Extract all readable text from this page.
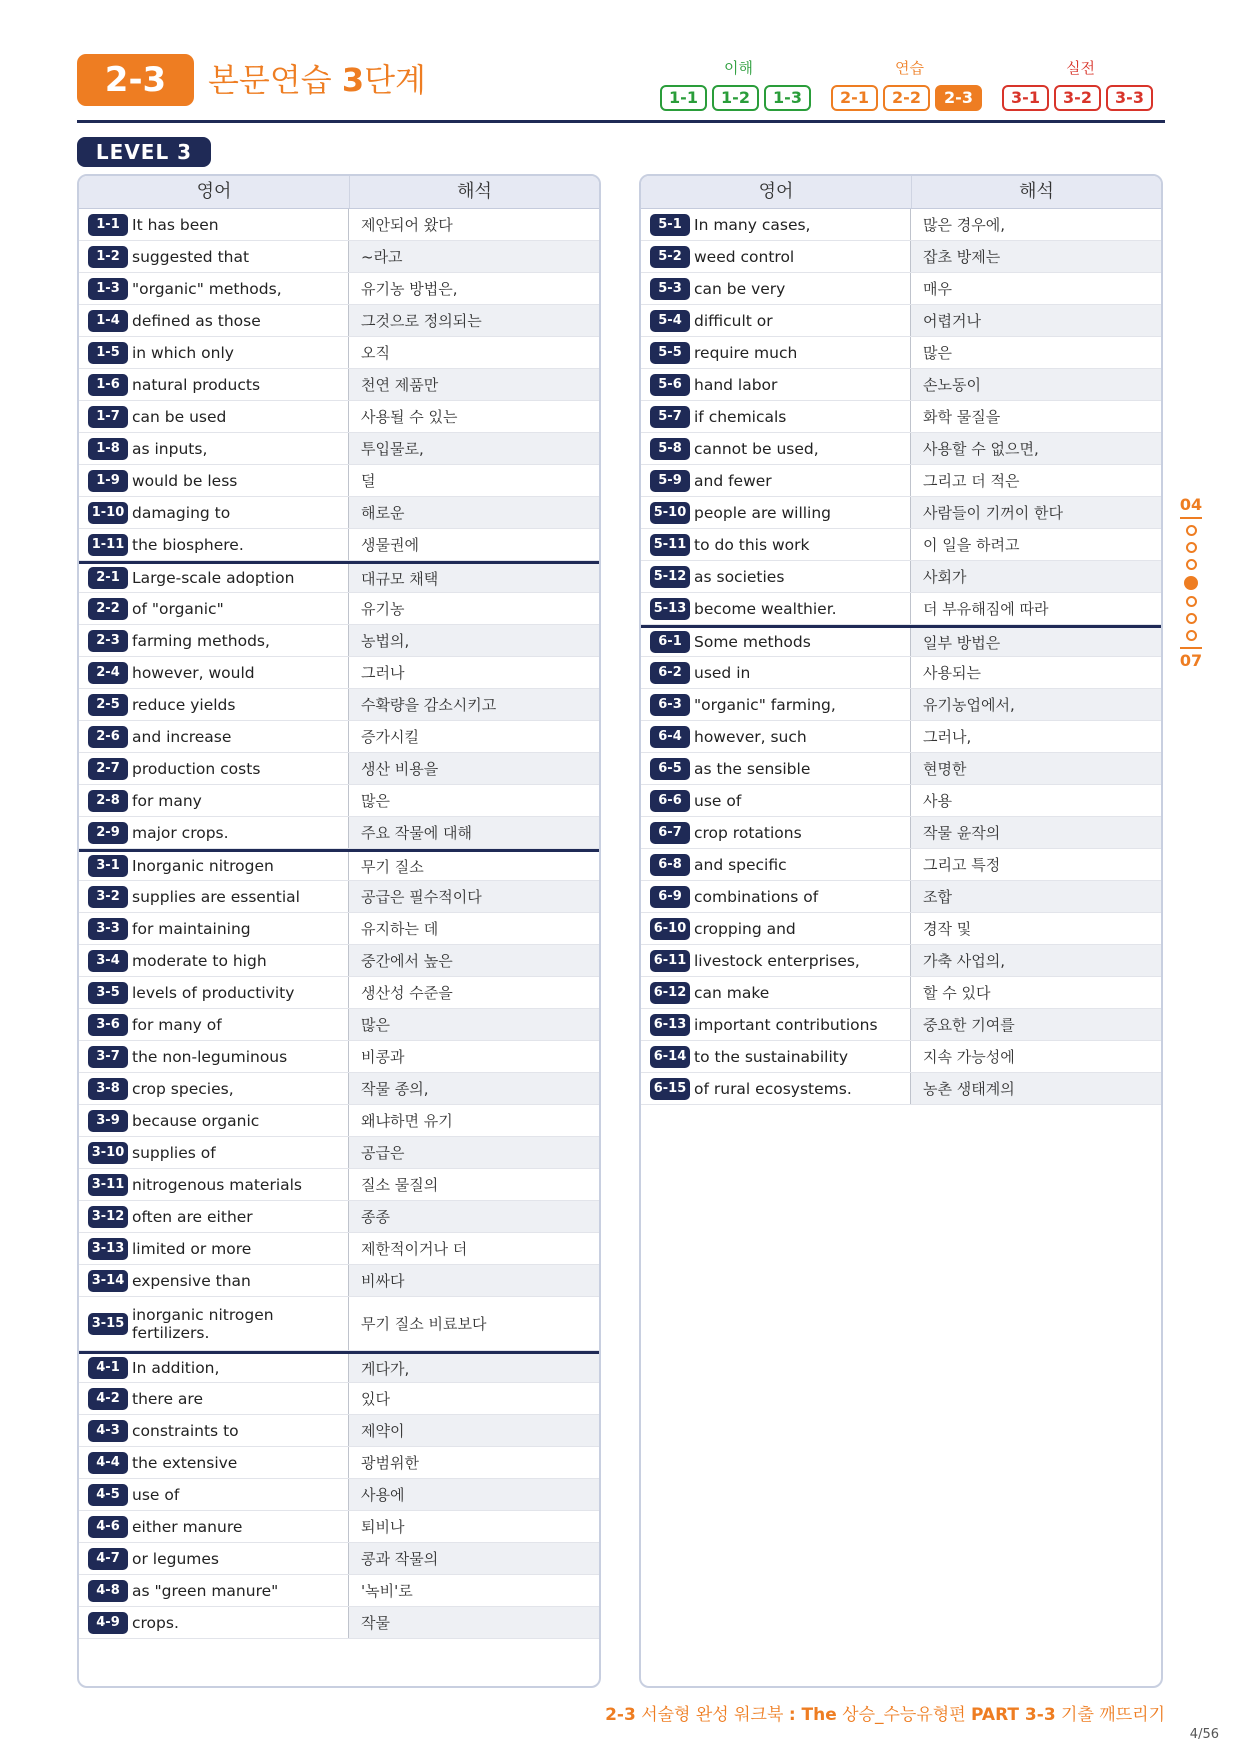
2-3	본문연습 3단계	이해	연습	실전
1-1	1-2	1-3	2-1	2-2	2-3	3-1	3-2	3-3
LEVEL 3
영어	해석
1-1 It has been	제안되어 왔다
1-2 suggested that	~라고
1-3 "organic" methods,	유기농 방법은,
1-4 defined as those	그것으로 정의되는
1-5 in which only	오직
1-6 natural products	천연 제품만
1-7 can be used	사용될 수 있는
1-8 as inputs,	투입물로,
1-9 would be less	덜
1-10 damaging to	해로운
1-11 the biosphere.	생물권에
2-1 Large-scale adoption	대규모 채택
2-2 of "organic"	유기농
2-3 farming methods,	농법의,
2-4 however, would	그러나
2-5 reduce yields	수확량을 감소시키고
2-6 and increase	증가시킬
2-7 production costs	생산 비용을
2-8 for many	많은
2-9 major crops.	주요 작물에 대해
3-1 Inorganic nitrogen	무기 질소
3-2 supplies are essential	공급은 필수적이다
3-3 for maintaining	유지하는 데
3-4 moderate to high	중간에서 높은
3-5 levels of productivity	생산성 수준을
3-6 for many of	많은
3-7 the non-leguminous	비콩과
3-8 crop species,	작물 종의,
3-9 because organic	왜냐하면 유기
3-10 supplies of	공급은
3-11 nitrogenous materials	질소 물질의
3-12 often are either	종종
3-13 limited or more	제한적이거나 더
3-14 expensive than	비싸다
3-15 inorganic nitrogen fertilizers.	무기 질소 비료보다
4-1 In addition,	게다가,
4-2 there are	있다
4-3 constraints to	제약이
4-4 the extensive	광범위한
4-5 use of	사용에
4-6 either manure	퇴비나
4-7 or legumes	콩과 작물의
4-8 as "green manure"	'녹비'로
4-9 crops.	작물
영어	해석
5-1 In many cases,	많은 경우에,
5-2 weed control	잡초 방제는
5-3 can be very	매우
5-4 difficult or	어렵거나
5-5 require much	많은
5-6 hand labor	손노동이
5-7 if chemicals	화학 물질을
5-8 cannot be used,	사용할 수 없으면,
5-9 and fewer	그리고 더 적은
5-10 people are willing	사람들이 기꺼이 한다
5-11 to do this work	이 일을 하려고
5-12 as societies	사회가
5-13 become wealthier.	더 부유해짐에 따라
6-1 Some methods	일부 방법은
6-2 used in	사용되는
6-3 "organic" farming,	유기농업에서,
6-4 however, such	그러나,
6-5 as the sensible	현명한
6-6 use of	사용
6-7 crop rotations	작물 윤작의
6-8 and specific	그리고 특정
6-9 combinations of	조합
6-10 cropping and	경작 및
6-11 livestock enterprises,	가축 사업의,
6-12 can make	할 수 있다
6-13 important contributions	중요한 기여를
6-14 to the sustainability	지속 가능성에
6-15 of rural ecosystems.	농촌 생태계의
04
07
2-3 서술형 완성 워크북 : The 상승_수능유형편 PART 3-3 기출 깨뜨리기
4/56
